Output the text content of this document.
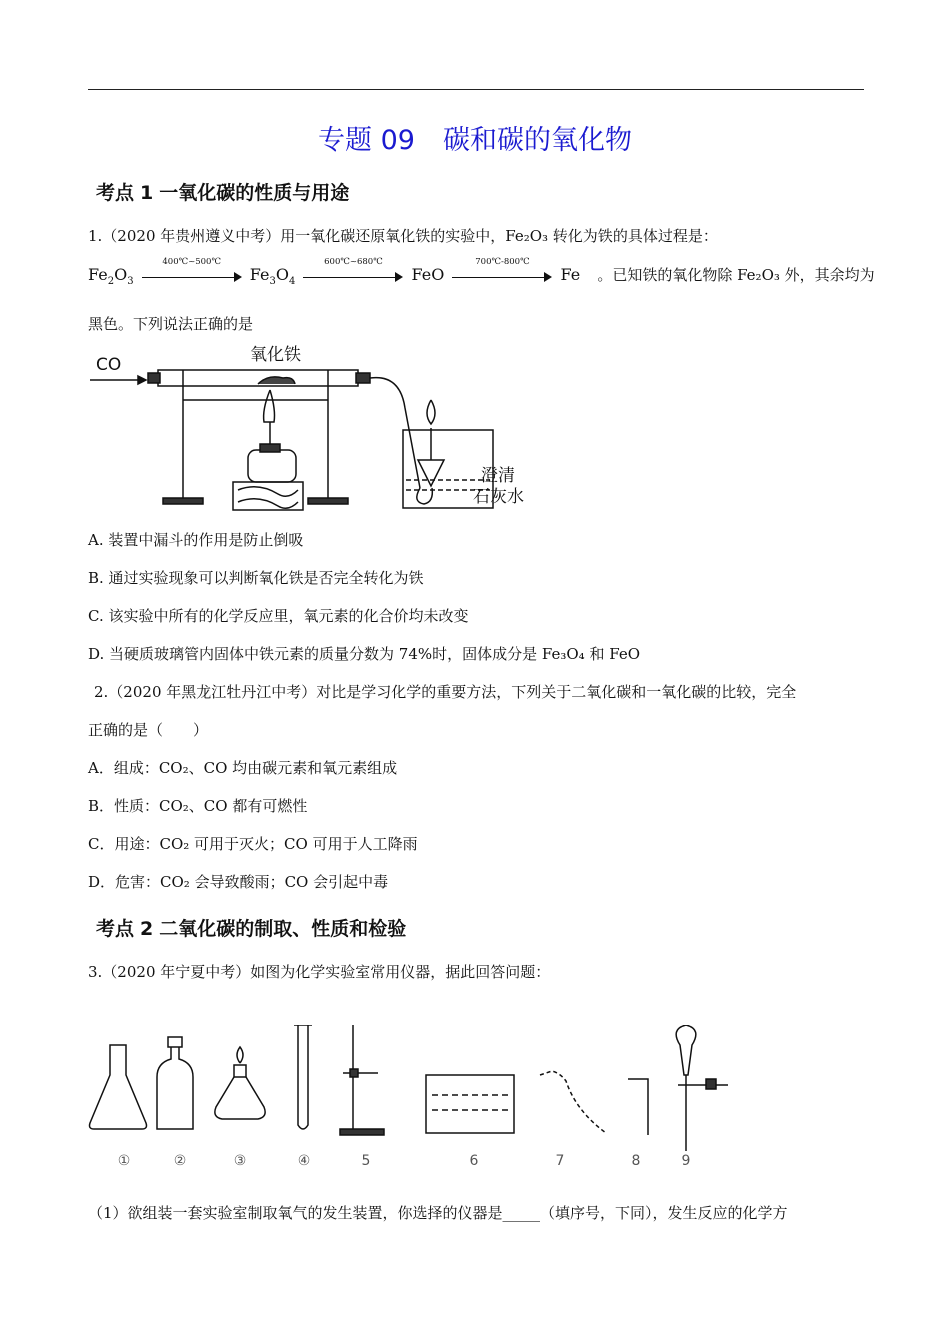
专题 09 碳和碳的氧化物
考点 1 一氧化碳的性质与用途
1.（2020 年贵州遵义中考）用一氧化碳还原氧化铁的实验中，Fe₂O₃ 转化为铁的具体过程是：
$Fe_2O_3$
400℃~500℃
$Fe_3O_4$
600℃~680℃
FeO
700℃-800℃
Fe 。已知铁的氧化物除 Fe₂O₃ 外，其余均为
黑色。下列说法正确的是
CO	氧化铁
澄清
石灰水
A. 装置中漏斗的作用是防止倒吸
B. 通过实验现象可以判断氧化铁是否完全转化为铁
C. 该实验中所有的化学反应里，氧元素的化合价均未改变
D. 当硬质玻璃管内固体中铁元素的质量分数为 74%时，固体成分是 Fe₃O₄ 和 FeO
2.（2020 年黑龙江牡丹江中考）对比是学习化学的重要方法，下列关于二氧化碳和一氧化碳的比较，完全
正确的是（　　）
A．组成：CO₂、CO 均由碳元素和氧元素组成
B．性质：CO₂、CO 都有可燃性
C．用途：CO₂ 可用于灭火；CO 可用于人工降雨
D．危害：CO₂ 会导致酸雨；CO 会引起中毒
考点 2 二氧化碳的制取、性质和检验
3.（2020 年宁夏中考）如图为化学实验室常用仪器，据此回答问题：
①	②	③	④	5	6	7	8	9
（1）欲组装一套实验室制取氧气的发生装置，你选择的仪器是_____（填序号，下同），发生反应的化学方
